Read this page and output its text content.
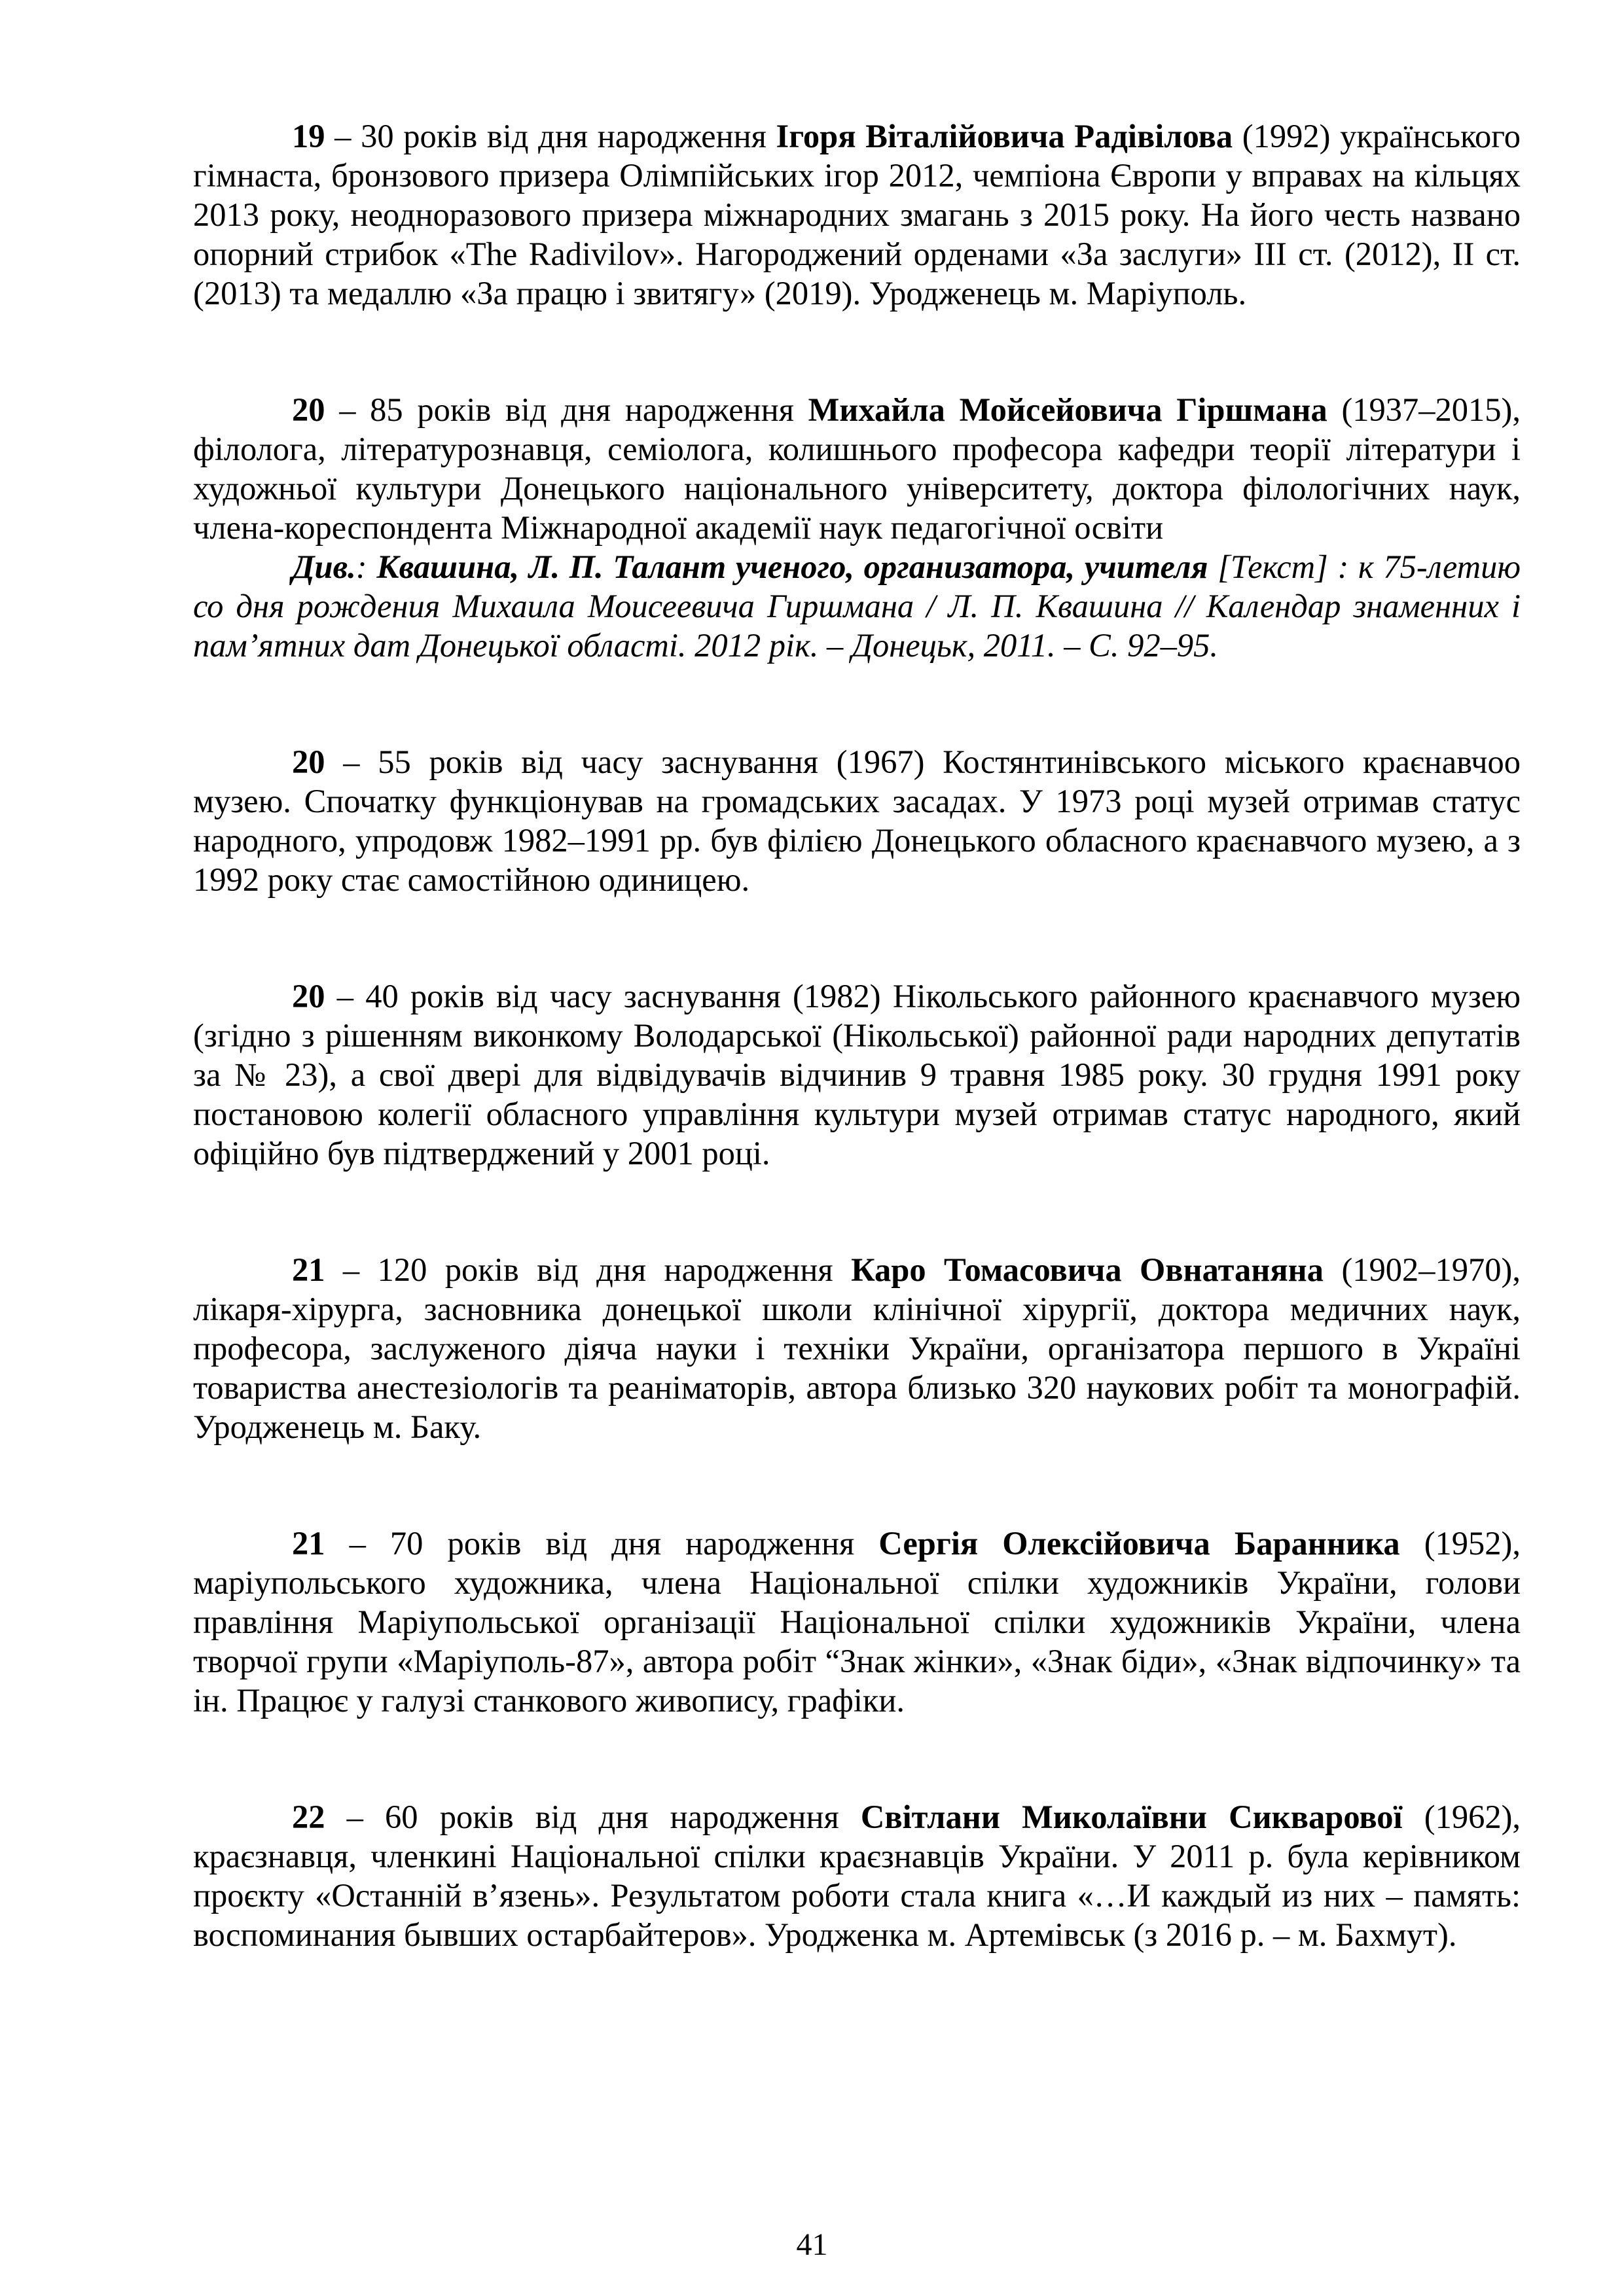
19 – 30 років від дня народження Ігоря Віталійовича Радівілова (1992) українського гімнаста, бронзового призера Олімпійських ігор 2012, чемпіона Європи у вправах на кільцях 2013 року, неодноразового призера міжнародних змагань з 2015 року. На його честь названо опорний стрибок «The Radivilov». Нагороджений орденами «За заслуги» ІІІ ст. (2012), ІІ ст. (2013) та медаллю «За працю і звитягу» (2019). Уродженець м. Маріуполь.

20 – 85 років від дня народження Михайла Мойсейовича Гіршмана (1937–2015), філолога, літературознавця, семіолога, колишнього професора кафедри теорії літератури і художньої культури Донецького національного університету, доктора філологічних наук, члена-кореспондента Міжнародної академії наук педагогічної освіти

Див.: Квашина, Л. П. Талант ученого, организатора, учителя [Текст] : к 75-летию со дня рождения Михаила Моисеевича Гиршмана / Л. П. Квашина // Календар знаменних і пам’ятних дат Донецької області. 2012 рік. – Донецьк, 2011. – С. 92–95.

20 – 55 років від часу заснування (1967) Костянтинівського міського краєнавчоо музею. Спочатку функціонував на громадських засадах. У 1973 році музей отримав статус народного, упродовж 1982–1991 рр. був філією Донецького обласного краєнавчого музею, а з 1992 року стає самостійною одиницею.

20 – 40 років від часу заснування (1982) Нікольського районного краєнавчого музею (згідно з рішенням виконкому Володарської (Нікольської) районної ради народних депутатів за № 23), а свої двері для відвідувачів відчинив 9 травня 1985 року. 30 грудня 1991 року постановою колегії обласного управління культури музей отримав статус народного, який офіційно був підтверджений у 2001 році.

21 – 120 років від дня народження Каро Томасовича Овнатаняна (1902–1970), лікаря-хірурга, засновника донецької школи клінічної хірургії, доктора медичних наук, професора, заслуженого діяча науки і техніки України, організатора першого в Україні товариства анестезіологів та реаніматорів, автора близько 320 наукових робіт та монографій. Уродженець м. Баку.

21 – 70 років від дня народження Сергія Олексійовича Баранника (1952), маріупольського художника, члена Національної спілки художників України, голови правління Маріупольської організації Національної спілки художників України, члена творчої групи «Маріуполь-87», автора робіт “Знак жінки», «Знак біди», «Знак відпочинку» та ін. Працює у галузі станкового живопису, графіки.

22 – 60 років від дня народження Світлани Миколаївни Сикварової (1962), краєзнавця, членкині Національної спілки краєзнавців України. У 2011 р. була керівником проєкту «Останній в’язень». Результатом роботи стала книга «…И каждый из них – память: воспоминания бывших остарбайтеров». Уродженка м. Артемівськ (з 2016 р. – м. Бахмут).

41
